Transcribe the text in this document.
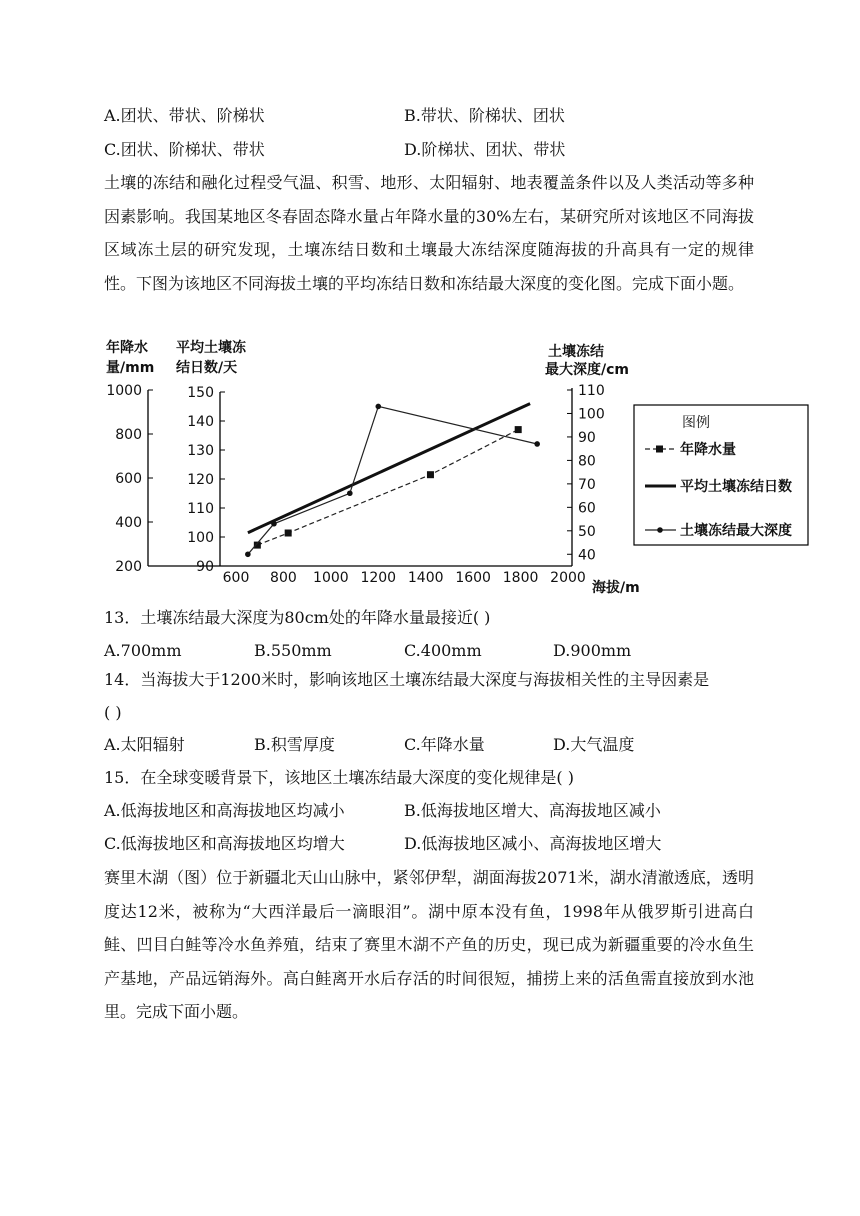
A.团状、带状、阶梯状	B.带状、阶梯状、团状
C.团状、阶梯状、带状	D.阶梯状、团状、带状
土壤的冻结和融化过程受气温、积雪、地形、太阳辐射、地表覆盖条件以及人类活动等多种因素影响。我国某地区冬春固态降水量占年降水量的30%左右，某研究所对该地区不同海拔区域冻土层的研究发现，土壤冻结日数和土壤最大冻结深度随海拔的升高具有一定的规律性。下图为该地区不同海拔土壤的平均冻结日数和冻结最大深度的变化图。完成下面小题。
200
400
600
800
1000
90
100
110
120
130
140
150
40
50
60
70
80
90
100
110
600 800 1000 1200 1400 1600 1800 2000
年降水
量/mm
平均土壤冻
结日数/天
土壤冻结
最大深度/cm
海拔/m
图例
年降水量
平均土壤冻结日数
土壤冻结最大深度
13．土壤冻结最大深度为80cm处的年降水量最接近( )
A.700mm	B.550mm	C.400mm	D.900mm
14．当海拔大于1200米时，影响该地区土壤冻结最大深度与海拔相关性的主导因素是
( )
A.太阳辐射	B.积雪厚度	C.年降水量	D.大气温度
15．在全球变暖背景下，该地区土壤冻结最大深度的变化规律是( )
A.低海拔地区和高海拔地区均减小	B.低海拔地区增大、高海拔地区减小
C.低海拔地区和高海拔地区均增大	D.低海拔地区减小、高海拔地区增大
赛里木湖（图）位于新疆北天山山脉中，紧邻伊犁，湖面海拔2071米，湖水清澈透底，透明度达12米，被称为“大西洋最后一滴眼泪”。湖中原本没有鱼，1998年从俄罗斯引进高白鲑、凹目白鲑等冷水鱼养殖，结束了赛里木湖不产鱼的历史，现已成为新疆重要的冷水鱼生产基地，产品远销海外。高白鲑离开水后存活的时间很短，捕捞上来的活鱼需直接放到水池里。完成下面小题。
